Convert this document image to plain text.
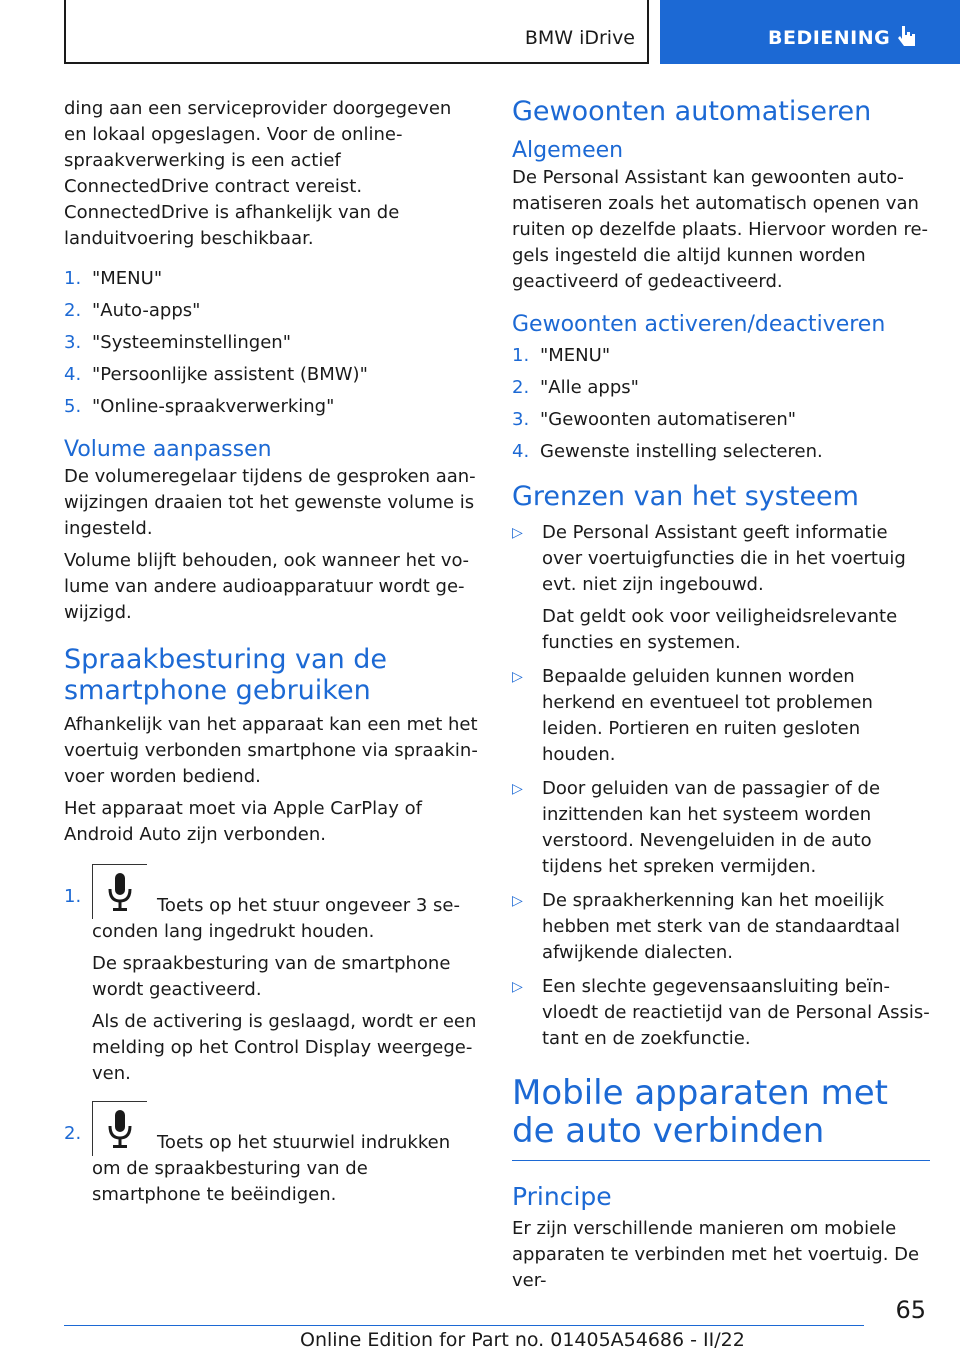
BMW iDrive	BEDIENING

ding aan een serviceprovider doorgegeven en lokaal opgeslagen. Voor de online-spraakverwerking is een actief ConnectedDrive contract vereist. ConnectedDrive is afhankelijk van de landuitvoering beschikbaar.

1. "MENU"
2. "Auto-apps"
3. "Systeeminstellingen"
4. "Persoonlijke assistent (BMW)"
5. "Online-spraakverwerking"
Volume aanpassen

De volumeregelaar tijdens de gesproken aanwijzingen draaien tot het gewenste volume is ingesteld.

Volume blijft behouden, ook wanneer het volume van andere audioapparatuur wordt gewijzigd.

Spraakbesturing van de smartphone gebruiken

Afhankelijk van het apparaat kan een met het voertuig verbonden smartphone via spraakinvoer worden bediend.

Het apparaat moet via Apple CarPlay of Android Auto zijn verbonden.

1.	Toets op het stuur ongeveer 3 seconden lang ingedrukt houden.

De spraakbesturing van de smartphone wordt geactiveerd.

Als de activering is geslaagd, wordt er een melding op het Control Display weergegeven.

2.	Toets op het stuurwiel indrukken om de spraakbesturing van de smartphone te beëindigen.
Gewoonten automatiseren
Algemeen

De Personal Assistant kan gewoonten automatiseren zoals het automatisch openen van ruiten op dezelfde plaats. Hiervoor worden regels ingesteld die altijd kunnen worden geactiveerd of gedeactiveerd.

Gewoonten activeren/deactiveren
1. "MENU"
2. "Alle apps"
3. "Gewoonten automatiseren"
4. Gewenste instelling selecteren.
Grenzen van het systeem
▷ De Personal Assistant geeft informatie over voertuigfuncties die in het voertuig evt. niet zijn ingebouwd.

Dat geldt ook voor veiligheidsrelevante functies en systemen.

▷ Bepaalde geluiden kunnen worden herkend en eventueel tot problemen leiden. Portieren en ruiten gesloten houden.
▷ Door geluiden van de passagier of de inzittenden kan het systeem worden verstoord. Nevengeluiden in de auto tijdens het spreken vermijden.
▷ De spraakherkenning kan het moeilijk hebben met sterk van de standaardtaal afwijkende dialecten.
▷ Een slechte gegevensaansluiting beïnvloedt de reactietijd van de Personal Assistant en de zoekfunctie.
Mobile apparaten met de auto verbinden
Principe

Er zijn verschillende manieren om mobiele apparaten te verbinden met het voertuig. De ver-

65
Online Edition for Part no. 01405A54686 - II/22
